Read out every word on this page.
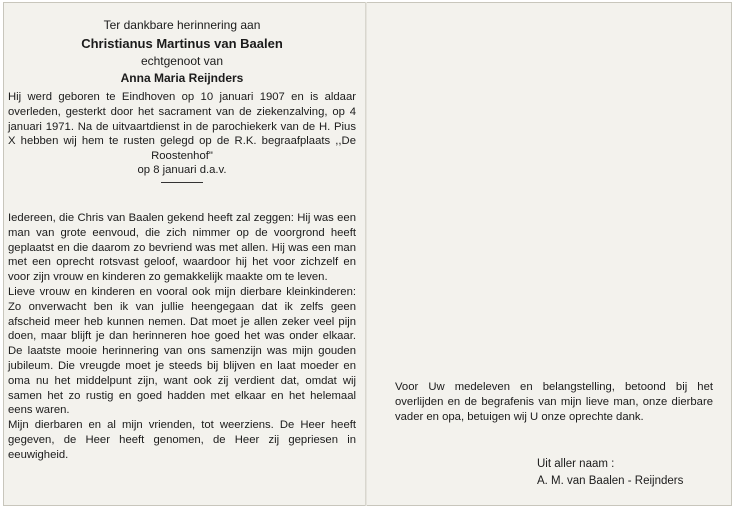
Ter dankbare herinnering aan
Christianus Martinus van Baalen
echtgenoot van
Anna Maria Reijnders

Hij werd geboren te Eindhoven op 10 januari 1907 en is aldaar overleden, gesterkt door het sacrament van de ziekenzalving, op 4 januari 1971. Na de uitvaartdienst in de parochiekerk van de H. Pius X hebben wij hem te rusten gelegd op de R.K. begraafplaats ,,De Roostenhof"

op 8 januari d.a.v.

Iedereen, die Chris van Baalen gekend heeft zal zeggen: Hij was een man van grote eenvoud, die zich nimmer op de voorgrond heeft geplaatst en die daarom zo bevriend was met allen. Hij was een man met een oprecht rotsvast geloof, waardoor hij het voor zichzelf en voor zijn vrouw en kinderen zo gemakkelijk maakte om te leven.

Lieve vrouw en kinderen en vooral ook mijn dierbare kleinkinderen: Zo onverwacht ben ik van jullie heengegaan dat ik zelfs geen afscheid meer heb kunnen nemen. Dat moet je allen zeker veel pijn doen, maar blijft je dan herinneren hoe goed het was onder elkaar. De laatste mooie herinnering van ons samenzijn was mijn gouden jubileum. Die vreugde moet je steeds bij blijven en laat moeder en oma nu het middelpunt zijn, want ook zij verdient dat, omdat wij samen het zo rustig en goed hadden met elkaar en het helemaal eens waren.

Mijn dierbaren en al mijn vrienden, tot weerziens. De Heer heeft gegeven, de Heer heeft genomen, de Heer zij gepriesen in eeuwigheid.

Voor Uw medeleven en belangstelling, betoond bij het overlijden en de begrafenis van mijn lieve man, onze dierbare vader en opa, betuigen wij U onze oprechte dank.

Uit aller naam :
A. M. van Baalen - Reijnders
